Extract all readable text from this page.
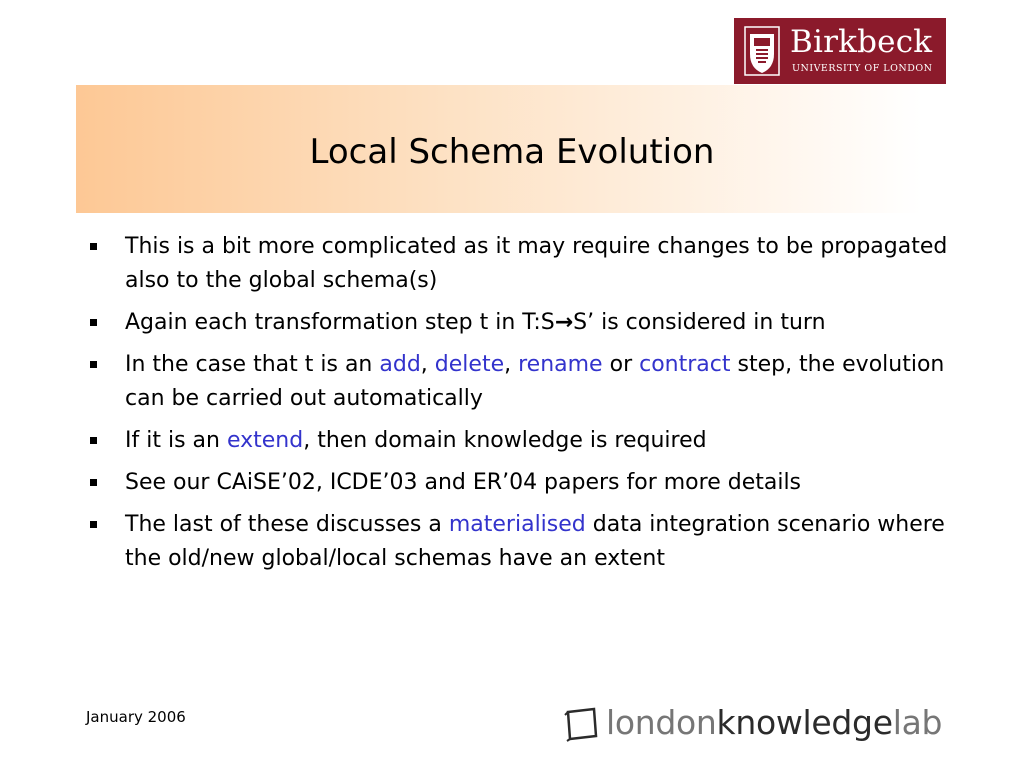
Birkbeck
UNIVERSITY OF LONDON
Local Schema Evolution
This is a bit more complicated as it may require changes to be propagated also to the global schema(s)
Again each transformation step t in T:S→S’ is considered in turn
In the case that t is an add, delete, rename or contract step, the evolution can be carried out automatically
If it is an extend, then domain knowledge is required
See our CAiSE’02, ICDE’03 and ER’04 papers for more details
The last of these discusses a materialised data integration scenario where the old/new global/local schemas have an extent
January 2006	londonknowledgelab
